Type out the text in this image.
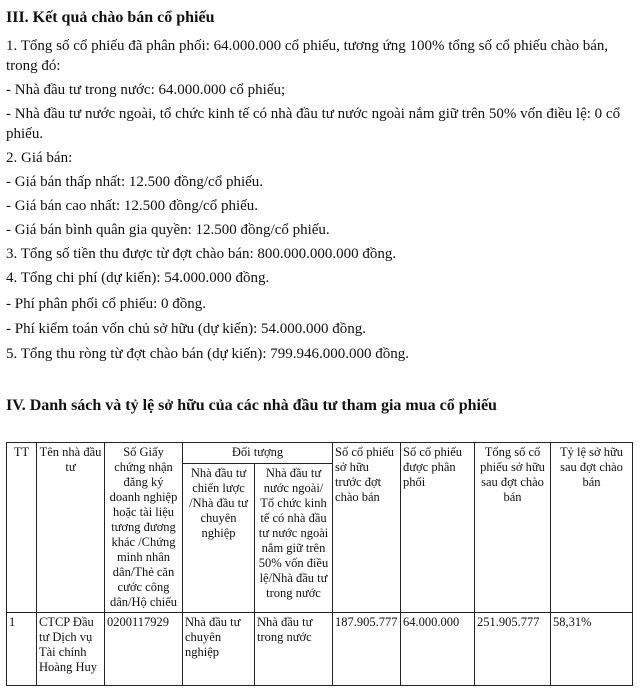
III. Kết quả chào bán cổ phiếu

1. Tổng số cổ phiếu đã phân phối: 64.000.000 cổ phiếu, tương ứng 100% tổng số cổ phiếu chào bán, trong đó:

- Nhà đầu tư trong nước: 64.000.000 cổ phiếu;

- Nhà đầu tư nước ngoài, tổ chức kinh tế có nhà đầu tư nước ngoài nắm giữ trên 50% vốn điều lệ: 0 cổ phiếu.

2. Giá bán:

- Giá bán thấp nhất: 12.500 đồng/cổ phiếu.

- Giá bán cao nhất: 12.500 đồng/cổ phiếu.

- Giá bán bình quân gia quyền: 12.500 đồng/cổ phiếu.

3. Tổng số tiền thu được từ đợt chào bán: 800.000.000.000 đồng.

4. Tổng chi phí (dự kiến): 54.000.000 đồng.

- Phí phân phối cổ phiếu: 0 đồng.

- Phí kiểm toán vốn chủ sở hữu (dự kiến): 54.000.000 đồng.

5. Tổng thu ròng từ đợt chào bán (dự kiến): 799.946.000.000 đồng.

IV. Danh sách và tỷ lệ sở hữu của các nhà đầu tư tham gia mua cổ phiếu
TT	Tên nhà đầu tư	Số Giấy chứng nhận đăng ký doanh nghiệp hoặc tài liệu tương đương khác /Chứng minh nhân dân/Thẻ căn cước công dân/Hộ chiếu	Đối tượng		Số cổ phiếu sở hữu trước đợt chào bán	Số cổ phiếu được phân phối	Tổng số cổ phiếu sở hữu sau đợt chào bán	Tỷ lệ sở hữu sau đợt chào bán
			Nhà đầu tư chiến lược /Nhà đầu tư chuyên nghiệp	Nhà đầu tư nước ngoài/ Tổ chức kinh tế có nhà đầu tư nước ngoài nắm giữ trên 50% vốn điều lệ/Nhà đầu tư trong nước				
1	CTCP Đầu tư Dịch vụ Tài chính Hoàng Huy	0200117929	Nhà đầu tư chuyên nghiệp	Nhà đầu tư trong nước	187.905.777	64.000.000	251.905.777	58,31%
